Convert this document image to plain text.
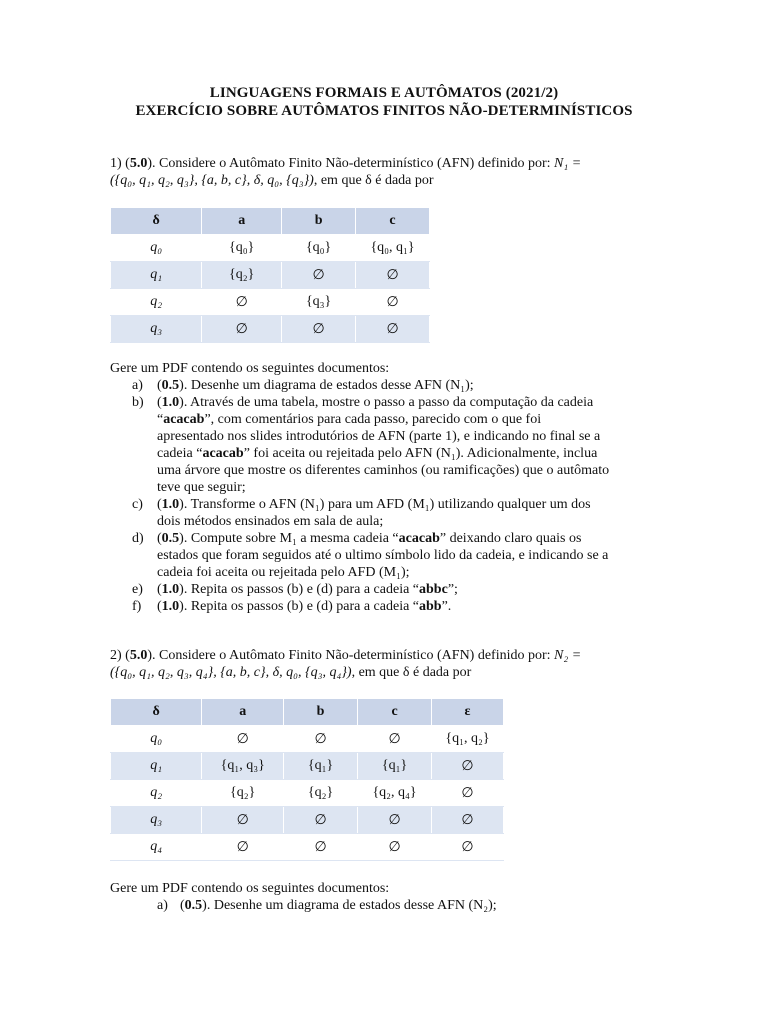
LINGUAGENS FORMAIS E AUTÔMATOS (2021/2)
EXERCÍCIO SOBRE AUTÔMATOS FINITOS NÃO-DETERMINÍSTICOS
1) (5.0). Considere o Autômato Finito Não-determinístico (AFN) definido por: N₁ =
({q₀, q₁, q₂, q₃}, {a, b, c}, δ, q₀, {q₃}), em que δ é dada por
δ	a	b	c
q₀	{q₀}	{q₀}	{q₀, q₁}
q₁	{q₂}	∅	∅
q₂	∅	{q₃}	∅
q₃	∅	∅	∅
Gere um PDF contendo os seguintes documentos:
a) (0.5). Desenhe um diagrama de estados desse AFN (N₁);
b) (1.0). Através de uma tabela, mostre o passo a passo da computação da cadeia
“acacab”, com comentários para cada passo, parecido com o que foi
apresentado nos slides introdutórios de AFN (parte 1), e indicando no final se a
cadeia “acacab” foi aceita ou rejeitada pelo AFN (N₁). Adicionalmente, inclua
uma árvore que mostre os diferentes caminhos (ou ramificações) que o autômato
teve que seguir;
c) (1.0). Transforme o AFN (N₁) para um AFD (M₁) utilizando qualquer um dos
dois métodos ensinados em sala de aula;
d) (0.5). Compute sobre M₁ a mesma cadeia “acacab” deixando claro quais os
estados que foram seguidos até o ultimo símbolo lido da cadeia, e indicando se a
cadeia foi aceita ou rejeitada pelo AFD (M₁);
e) (1.0). Repita os passos (b) e (d) para a cadeia “abbc”;
f) (1.0). Repita os passos (b) e (d) para a cadeia “abb”.
2) (5.0). Considere o Autômato Finito Não-determinístico (AFN) definido por: N₂ =
({q₀, q₁, q₂, q₃, q₄}, {a, b, c}, δ, q₀, {q₃, q₄}), em que δ é dada por
δ	a	b	c	ε
q₀	∅	∅	∅	{q₁, q₂}
q₁	{q₁, q₃}	{q₁}	{q₁}	∅
q₂	{q₂}	{q₂}	{q₂, q₄}	∅
q₃	∅	∅	∅	∅
q₄	∅	∅	∅	∅
Gere um PDF contendo os seguintes documentos:
a) (0.5). Desenhe um diagrama de estados desse AFN (N₂);
